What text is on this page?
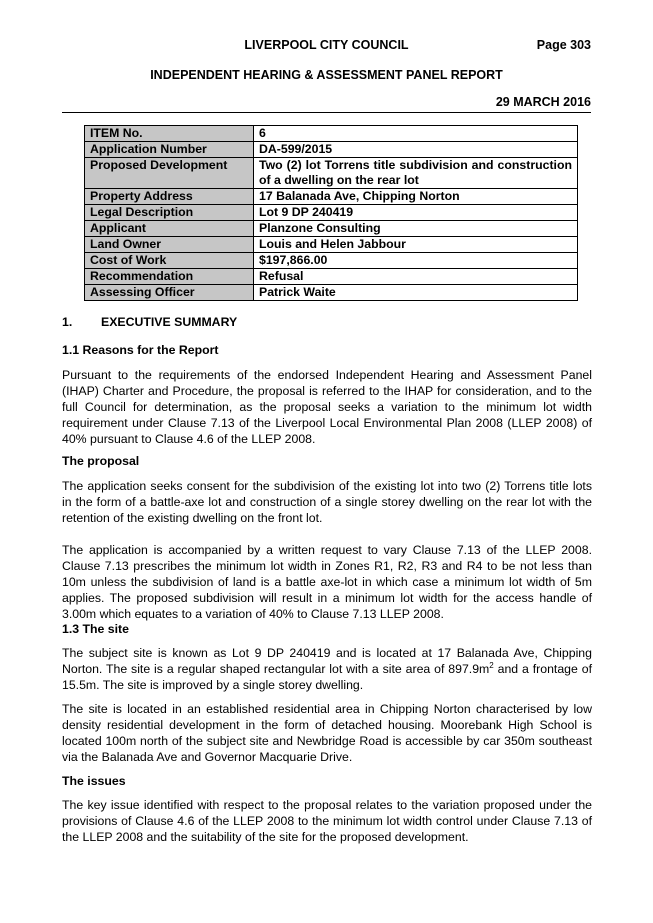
LIVERPOOL CITY COUNCIL	Page 303
INDEPENDENT HEARING & ASSESSMENT PANEL REPORT
29 MARCH 2016
ITEM No.	6
Application Number	DA-599/2015
Proposed Development	Two (2) lot Torrens title subdivision and construction of a dwelling on the rear lot
Property Address	17 Balanada Ave, Chipping Norton
Legal Description	Lot 9 DP 240419
Applicant	Planzone Consulting
Land Owner	Louis and Helen Jabbour
Cost of Work	$197,866.00
Recommendation	Refusal
Assessing Officer	Patrick Waite
1. EXECUTIVE SUMMARY
1.1 Reasons for the Report
Pursuant to the requirements of the endorsed Independent Hearing and Assessment Panel (IHAP) Charter and Procedure, the proposal is referred to the IHAP for consideration, and to the full Council for determination, as the proposal seeks a variation to the minimum lot width requirement under Clause 7.13 of the Liverpool Local Environmental Plan 2008 (LLEP 2008) of 40% pursuant to Clause 4.6 of the LLEP 2008.
The proposal
The application seeks consent for the subdivision of the existing lot into two (2) Torrens title lots in the form of a battle-axe lot and construction of a single storey dwelling on the rear lot with the retention of the existing dwelling on the front lot.
The application is accompanied by a written request to vary Clause 7.13 of the LLEP 2008. Clause 7.13 prescribes the minimum lot width in Zones R1, R2, R3 and R4 to be not less than 10m unless the subdivision of land is a battle axe-lot in which case a minimum lot width of 5m applies. The proposed subdivision will result in a minimum lot width for the access handle of 3.00m which equates to a variation of 40% to Clause 7.13 LLEP 2008.
1.3 The site
The subject site is known as Lot 9 DP 240419 and is located at 17 Balanada Ave, Chipping Norton. The site is a regular shaped rectangular lot with a site area of $897.9m^2$ and a frontage of 15.5m. The site is improved by a single storey dwelling.
The site is located in an established residential area in Chipping Norton characterised by low density residential development in the form of detached housing. Moorebank High School is located 100m north of the subject site and Newbridge Road is accessible by car 350m southeast via the Balanada Ave and Governor Macquarie Drive.
The issues
The key issue identified with respect to the proposal relates to the variation proposed under the provisions of Clause 4.6 of the LLEP 2008 to the minimum lot width control under Clause 7.13 of the LLEP 2008 and the suitability of the site for the proposed development.
